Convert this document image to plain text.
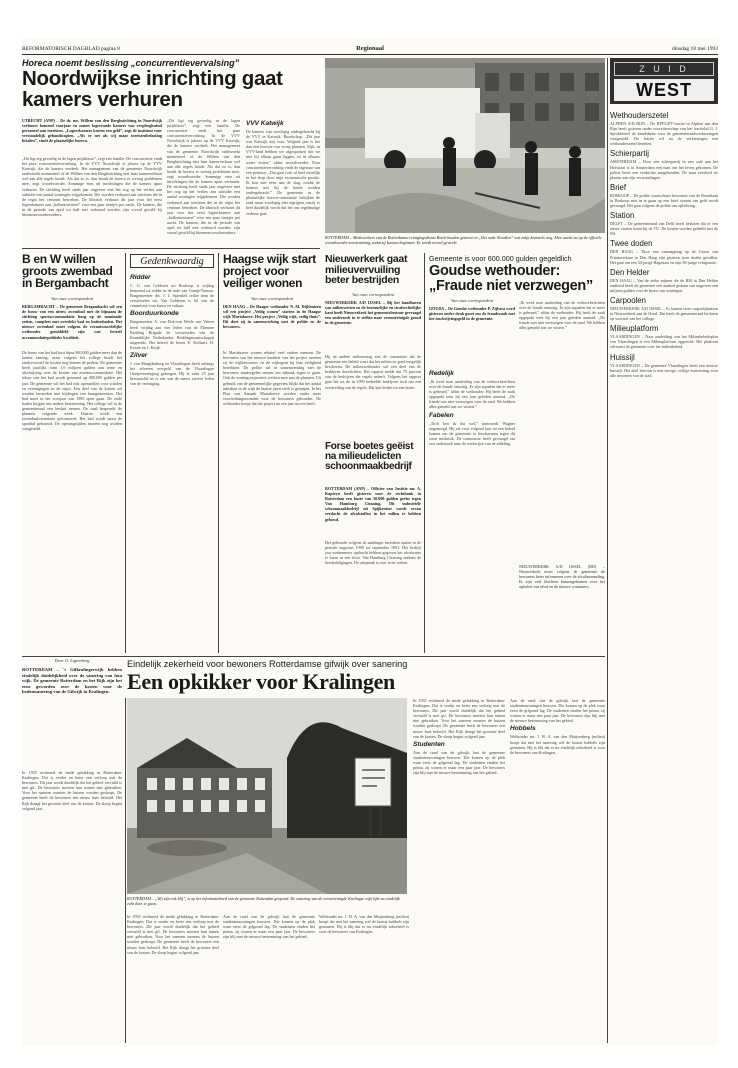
REFORMATORISCH DAGBLAD pagina 8	Regionaal	dinsdag 18 mei 1993
Horeca noemt beslissing „concurrentievervalsing”
Noordwijkse inrichting gaat kamers verhuren
UTRECHT (ANP) – De dr. mr. Willem van den Berghstichting in Noordwijk verhuurt komend voorjaar en zomer logeeraude kamers van verpleeghuisof personeel aan toeristen. „Logeerkamers kosten een geld”, zegt de instituut voor verstandelijk gehandicapten. „Als er net als wij maar toeristenbelasting betalen”, vindt de plaatselijke horeca.
„Dit ligt erg gevoelig in de lagen prijsklasse”, zegt een familie. De concurrentie vindt het pure concurrentievervalsing. In de VVV Noordwijk is jaloers op de VVV Katwijk, die de kamers verdeelt. Het management van de gemeente Noordwijk onderzoekt momenteel of de Willem van den Berghstichting niet haar kamerverhuur wel aan alle regels houdt. Als dat zo is, dan houdt de horeca er weinig problemen mee, zegt woordvoerder. Sommige eten uit inrichtingen die de kamers apart verhuren. De stichting heeft sinds jaar ongeveer met het oog op het verlies aan subsidie een aantal woningen vrijgekomen. Die worden verhuurd aan toeristen die in de regio het centrum bezoeken. De klinisch verhuurt dit jaar voor het eerst logeerkamers aan „bollentoeristen” voor een paar tientjes per nacht. De kamers, die in de periode van april tot half mei verhuurd worden, zijn vooral gewild bij bloemencorsobezoekers.
„Dit ligt erg gevoelig in de lagen prijsklasse”, zegt een familie. De concurrentie vindt het pure concurrentievervalsing. In de VVV Noordwijk is jaloers op de VVV Katwijk, die de kamers verdeelt. Het management van de gemeente Noordwijk onderzoekt momenteel of de Willem van den Berghstichting niet haar kamerverhuur wel aan alle regels houdt. Als dat zo is, dan houdt de horeca er weinig problemen mee, zegt woordvoerder. Sommige eten uit inrichtingen die de kamers apart verhuren. De stichting heeft sinds jaar ongeveer met het oog op het verlies aan subsidie een aantal woningen vrijgekomen. Die worden verhuurd aan toeristen die in de regio het centrum bezoeken. De klinisch verhuurt dit jaar voor het eerst logeerkamers aan „bollentoeristen” voor een paar tientjes per nacht. De kamers, die in de periode van april tot half mei verhuurd worden, zijn vooral gewild bij bloemencorsobezoekers.
VVV Katwijk
De kamers zijn voorlopig ondergebracht bij de VVV te Katwijk. Boodschap: „Dit jaar was Katwijk mij voor. Volgend jaar is het dan een kwestie van vroeg plannen. Kijk, in VVV-land hebben we afgesproken dat we niet bij elkaar gaan liggen, en in elkaars water visten,” aldus woordvoerder. Puur concurrentievervalsing vindt de eigenaar van een pension. „Dat gaat toch al heel moeilijk in het dorp door mijn economische positie. Ik kon niet eens aan de slag, omdat de kamers niet bij de hotels worden ondergebracht.” De gemeente in de plaatselijke horeca-commissie bekijken de zaak maar voorlopig niet ingrijpen, tenzij er heel duidelijk wordt dat het om regelmatige verhuur gaat.
ROTTERDAM – Medewerkers van de Rotterdamse reinigingsdienst Roteb houden gisteren in „Het oude Noorden” wat zakje kruimels weg. Men wacht nu op de officiële woordvoerder-toestemming, zodat zij kunnen beginnen. Er wordt overal gewerkt.
Z U I D
WEST
Wethouderszetel

ALPHEN A/D RIJN – De RPF/GPV-fractie in Alphen aan den Rijn heeft gisteren onder voorzitterschap van het fractielid G. J. Sprokkereef de kandidaten voor de gemeenteraadsverkiezingen vastgesteld. De fractie wil na de verkiezingen een wethouderszetel bezetten.

Schierpartij

AMSTERDAM – Door een schierpartij in een café aan het Hofstraat is in Amsterdam een man om het leven gekomen. De politie heeft een verdachte aangehouden. De man overleed ter plaatse aan zijn verwondingen.

Brief

BOSKOOP – De politie waarschuwt bewoners van de Boomlaan in Boskoop niet in te gaan op een brief waarin om geld wordt gevraagd. Het gaat volgens de politie om oplichting.

Station

DELFT – De gemeenteraad van Delft heeft besloten dat er een nieuw station komt bij de TU. De kosten worden gedeeld met de NS.

Twee doden

DEN HAAG – Door een ontsnapping op de Groen van Prinstererlaan in Den Haag zijn gisteren twee doden gevallen. Het gaat om een 34-jarige Hagenaar en zijn 36-jarige echtgenote.

Den Helder

DEN HAAG – Van de zieke mijnen die de RM in Den Helder aanbood heeft de gemeente een aanbod gedaan van ongeveer een miljoen gulden voor de bouw van woningen.

Carpoolen

NIEUWERKERK A/D IJSSEL – Er komen twee carpoolplaatsen in Nieuwerkerk aan de IJssel. Dat heeft de gemeenteraad besloten op voorstel van het college.

Milieuplatform

VLAARDINGEN – Naar aanleiding van het Milieubeleidsplan van Vlaardingen is een Milieuplatform opgericht. Het platform adviseert de gemeente over het milieubeleid.

Huissijl

VLAARDINGEN – De gemeente Vlaardingen heeft een nieuwe huissijl. Het doel hiervan is een stevige, veilige huisvesting voor alle inwoners van de stad.

B en W willen groots zwembad in Bergambacht
Van onze correspondent
BERGAMBACHT – De gemeente Bergambacht wil een de bouw van een nieuw zwembad met de bijnaam de stichting sportaccommodatie hoog op de nominatie zetten, compleet met overdekt bad en buitenbaden. Het nieuwe zwembad moet volgens de verantwoordelijke wethouder gemiddeld zijn wat betreft accommodatiepolitieke kwaliteit.
De bouw van het bad kost bijna 900.000 gulden meer dan de laatste raming, maar volgens het college houdt het raadsvoorstel de kosten nog binnen de perken. De gemeente heeft jaarlijks ruim 1,6 miljoen gulden aan rente en afschrijving over de kosten van zwemaccommodatie. Het tekort van het bad wordt geraamd op 400.000 gulden per jaar. De gemeente wil het bad ook openstellen voor scholen en verenigingen in de regio. Een deel van de kosten zal worden bestreden met bijdragen van buurgemeenten. Het bad moet in het voorjaar van 1995 open gaan. De oude baden krijgen een andere bestemming. Het college wil in de gemeenteraad een besluit nemen. De raad bespreekt de plannen volgende week. Daarna wordt een zwembadcommissie geformeerd. Het bad wordt naast de sporthal gebouwd. De openingstijden moeten nog worden vastgesteld.
Gedenkwaardig
Ridder
C. G. van Gelderen uit Boskoop is vrijdag benoemd tot ridder in de orde van Oranje-Nassau. Burgemeester drs. J. J. Sprenkel reikte hem de versierselen uit. Van Gelderen is lid van de commissie voor kunst en cultuur.
Boorduurkonde
Burgemeester A. van Dok-van Weele van Velsen heeft vrijdag aan vier leden van de Eltenaer Redding Brigade de versierselen van de Koninklijke Nederlandse Reddingsmaatschappij uitgereikt. Het betreft de heren E. Kollaart, H. Koster en J. Kuijk.
Zilver
J. van Maagdenburg en Vlaardingen heeft onlangs het zilveren erespeld van de Vlaardingse Oranjevereniging gekregen. Hij is ruim 25 jaar bestuurslid en is een van de meest actieve leden van de vereniging.
Haagse wijk start project voor veiliger wonen
Van onze correspondent
DEN HAAG – De Haagse wethouder N. M. Dijkhuizen wil een project „Veilig wonen” starten in de Haagse wijk Mariahoeve. Het project „Veilig wijk, veilig thuis”. Dit doet zij in samenwerking met de politie en de bewoners.
In Mariahoeve wonen relatief veel oudere mensen. De bewoners van het nieuwe karakter van het project moeten zij de wijkbewoners en de wijkagent bij hun veiligheid betrekken. De politie zal in samenwerking met de bewoners maatregelen nemen om inbraak tegen te gaan. Ook de woningcorporaties werken mee aan de plannen. Uit gebruik van de gemeentelijke gegevens blijkt dat het aantal inbraken in de wijk de laatste jaren sterk is gestegen. In het Plan van Aanpak Mariahoeve worden onder meer voorlichtingsavonden voor de bewoners gehouden. De wethouder hoopt dat het project na een jaar succes heeft.
Nieuwerkerk gaat milieuvervuiling beter bestrijden
Van onze correspondent
NIEUWERKERK A/D IJSSEL – Bij het handhaven van milieuwetten en de bestuurlijke en strafrechtelijke kant heeft Nieuwerkerk het gemeentebestuur gevraagd een onderzoek in te stellen naar verontreinigde grond in de gemeente.
Hij de andere milieuvraag ziet de commissie dat de gemeente een beleid voert dat het milieu zo goed mogelijk beschermt. De milieuwethouder wil een deel van de bedrijven doorlichten. Het rapport meldt dat 75 procent van de bedrijven die regels naleeft. Volgens het rapport gaat het tot de in 1993 bedoelde bedrijven toch om een overtreding van de regels. Dat kan leiden tot een boete.
Forse boetes geëist na milieudelicten schoonmaakbedrijf
ROTTERDAM (ANP) – Officier van Justitie mr. A. Kapteyn heeft gisteren voor de rechtbank in Rotterdam een boete van 50.000 gulden geëist tegen Van Hamburg Cleaning. Dit industriële schoonmaakbedrijf uit Spijkenisse wordt ervan verdacht de afvalstoffen in het milieu te hebben geloosd.
Het gebeurde volgens de aanklager meerdere malen in de periode augustus 1990 tot september 1991. Het bedrijf zou werknemers opdracht hebben gegeven het afvalwater te lozen in een sloot. Van Hamburg Cleaning ontkent de beschuldigingen. De uitspraak is over twee weken.
Gemeente is voor 600.000 gulden gegeldlich
Goudse wethouder: „Fraude niet verzwegen”
Van onze correspondent
GOUDA – De Goudse wethouder P. Zijlstra werd gisteren onder druk gezet om de fraudezaak met het inschrijvingsgeld in de gemeente.
Redelijk
„Ik werd naar aanleiding van de verhoorberichten over de fraude onrustig. Er zijn signalen dat er meer is gebeurd,” aldus de wethouder. Hij heeft de zaak opgepakt toen hij een jaar geleden aantrad. „De fraude was niet verzwegen voor de raad. We hebben alles gemeld wat we wisten.”
Fabelen
„Toch ben ik dat wel,” antwoordt Wagner ongenoegd. Hij zal voor volgend jaar tot een beleid komen om de gemeente te beschermen tegen dit soort misbruik. De commissie heeft gevraagd om een onderzoek naar de werkwijze van de afdeling.
„Ik werd naar aanleiding van de verhoorberichten over de fraude onrustig. Er zijn signalen dat er meer is gebeurd,” aldus de wethouder. Hij heeft de zaak opgepakt toen hij een jaar geleden aantrad. „De fraude was niet verzwegen voor de raad. We hebben alles gemeld wat we wisten.”
NIEUWERKERK A/D IJSSEL (RD) – Nieuwerkerk moet volgens de gemeente de bewoners beter informeren over de afvalinzameling. Er zijn veel klachten binnengekomen over het ophalen van afval en de nieuwe containers.
Door G. Ligtenberg
ROTTERDAM – 't Gifkralingerwijk hebben eindelijk duidelijkheid over de sanering van hun wijk. De gemeente Rotterdam en het Rijk zijn het eens geworden over de kosten voor de bodemsanering van de Gifwijk in Kralingen.
In 1935 rechtseed de mede gelukking in Rotterdam-Kralingen. Dat is verder en beter een verloop met de bewoners. Dit jaar wordt duidelijk dat het gebied vervuild is met gif. De bewoners moeten hun tuinen niet gebruiken. Voor het saneren moeten de huizen worden gesloopt. De gemeente heeft de bewoners een nieuw huis beloofd. Het Rijk draagt het grootste deel van de kosten. De sloop begint volgend jaar.
Eindelijk zekerheid voor bewoners Rotterdamse gifwijk over sanering
Een opkikker voor Kralingen
ROTTERDAM – „Wij zijn ook blij”, is op het informatiebord van de gemeente Rotterdam geopend. De sanering van de verontreinigde Kralingse wijk lijkt nu eindelijk echt door te gaan.
In 1935 rechtseed de mede gelukking in Rotterdam-Kralingen. Dat is verder en beter een verloop met de bewoners. Dit jaar wordt duidelijk dat het gebied vervuild is met gif. De bewoners moeten hun tuinen niet gebruiken. Voor het saneren moeten de huizen worden gesloopt. De gemeente heeft de bewoners een nieuw huis beloofd. Het Rijk draagt het grootste deel van de kosten. De sloop begint volgend jaar.
Aan de rand van de gifwijk laat de gemeente studentenwoningen bouwen. Die komen op de plek waar eerst de gifgrond lag. De studenten vinden het prima, zij wonen er maar een paar jaar. De bewoners zijn blij met de nieuwe bestemming van het gebied.
Wethouder mr. J. H. A. van den Muijsenberg (milieu) hoopt dat met het sanering wel de laatste hobbels zijn genomen. Hij is blij dat er nu eindelijk zekerheid is voor de bewoners van Kralingen.
In 1935 rechtseed de mede gelukking in Rotterdam-Kralingen. Dat is verder en beter een verloop met de bewoners. Dit jaar wordt duidelijk dat het gebied vervuild is met gif. De bewoners moeten hun tuinen niet gebruiken. Voor het saneren moeten de huizen worden gesloopt. De gemeente heeft de bewoners een nieuw huis beloofd. Het Rijk draagt het grootste deel van de kosten. De sloop begint volgend jaar.
Studenten
Aan de rand van de gifwijk laat de gemeente studentenwoningen bouwen. Die komen op de plek waar eerst de gifgrond lag. De studenten vinden het prima, zij wonen er maar een paar jaar. De bewoners zijn blij met de nieuwe bestemming van het gebied.
Aan de rand van de gifwijk laat de gemeente studentenwoningen bouwen. Die komen op de plek waar eerst de gifgrond lag. De studenten vinden het prima, zij wonen er maar een paar jaar. De bewoners zijn blij met de nieuwe bestemming van het gebied.
Hobbels
Wethouder mr. J. H. A. van den Muijsenberg (milieu) hoopt dat met het sanering wel de laatste hobbels zijn genomen. Hij is blij dat er nu eindelijk zekerheid is voor de bewoners van Kralingen.
